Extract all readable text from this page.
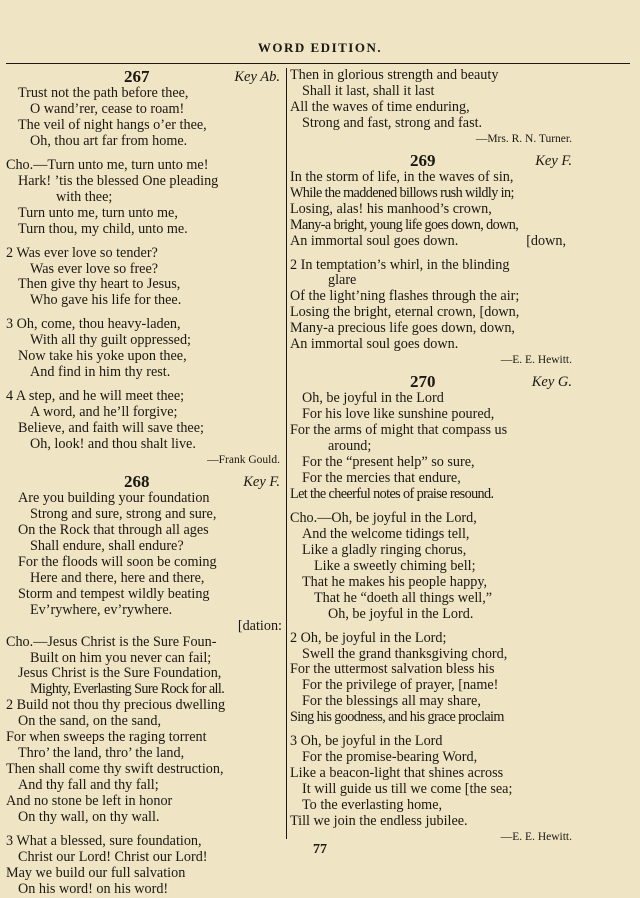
WORD EDITION.
267	Key Ab.
Trust not the path before thee,
O wand’rer, cease to roam!
The veil of night hangs o’er thee,
Oh, thou art far from home.
Cho.—Turn unto me, turn unto me!
Hark! ’tis the blessed One pleading
with thee;
Turn unto me, turn unto me,
Turn thou, my child, unto me.
2 Was ever love so tender?
Was ever love so free?
Then give thy heart to Jesus,
Who gave his life for thee.
3 Oh, come, thou heavy-laden,
With all thy guilt oppressed;
Now take his yoke upon thee,
And find in him thy rest.
4 A step, and he will meet thee;
A word, and he’ll forgive;
Believe, and faith will save thee;
Oh, look! and thou shalt live.
—Frank Gould.
268	Key F.
Are you building your foundation
Strong and sure, strong and sure,
On the Rock that through all ages
Shall endure, shall endure?
For the floods will soon be coming
Here and there, here and there,
Storm and tempest wildly beating
Ev’rywhere, ev’rywhere.
[dation:
Cho.—Jesus Christ is the Sure Foun-
Built on him you never can fail;
Jesus Christ is the Sure Foundation,
Mighty, Everlasting Sure Rock for all.
2 Build not thou thy precious dwelling
On the sand, on the sand,
For when sweeps the raging torrent
Thro’ the land, thro’ the land,
Then shall come thy swift destruction,
And thy fall and thy fall;
And no stone be left in honor
On thy wall, on thy wall.
3 What a blessed, sure foundation,
Christ our Lord! Christ our Lord!
May we build our full salvation
On his word! on his word!
Then in glorious strength and beauty
Shall it last, shall it last
All the waves of time enduring,
Strong and fast, strong and fast.
—Mrs. R. N. Turner.
269	Key F.
In the storm of life, in the waves of sin,
While the maddened billows rush wildly in;
Losing, alas! his manhood’s crown,
Many-a bright, young life goes down, down,
An immortal soul goes down.	[down,
2 In temptation’s whirl, in the blinding
glare
Of the light’ning flashes through the air;
Losing the bright, eternal crown, [down,
Many-a precious life goes down, down,
An immortal soul goes down.
—E. E. Hewitt.
270	Key G.
Oh, be joyful in the Lord
For his love like sunshine poured,
For the arms of might that compass us
around;
For the “present help” so sure,
For the mercies that endure,
Let the cheerful notes of praise resound.
Cho.—Oh, be joyful in the Lord,
And the welcome tidings tell,
Like a gladly ringing chorus,
Like a sweetly chiming bell;
That he makes his people happy,
That he “doeth all things well,”
Oh, be joyful in the Lord.
2 Oh, be joyful in the Lord;
Swell the grand thanksgiving chord,
For the uttermost salvation bless his
For the privilege of prayer, [name!
For the blessings all may share,
Sing his goodness, and his grace proclaim
3 Oh, be joyful in the Lord
For the promise-bearing Word,
Like a beacon-light that shines across
It will guide us till we come [the sea;
To the everlasting home,
Till we join the endless jubilee.
—E. E. Hewitt.
77
